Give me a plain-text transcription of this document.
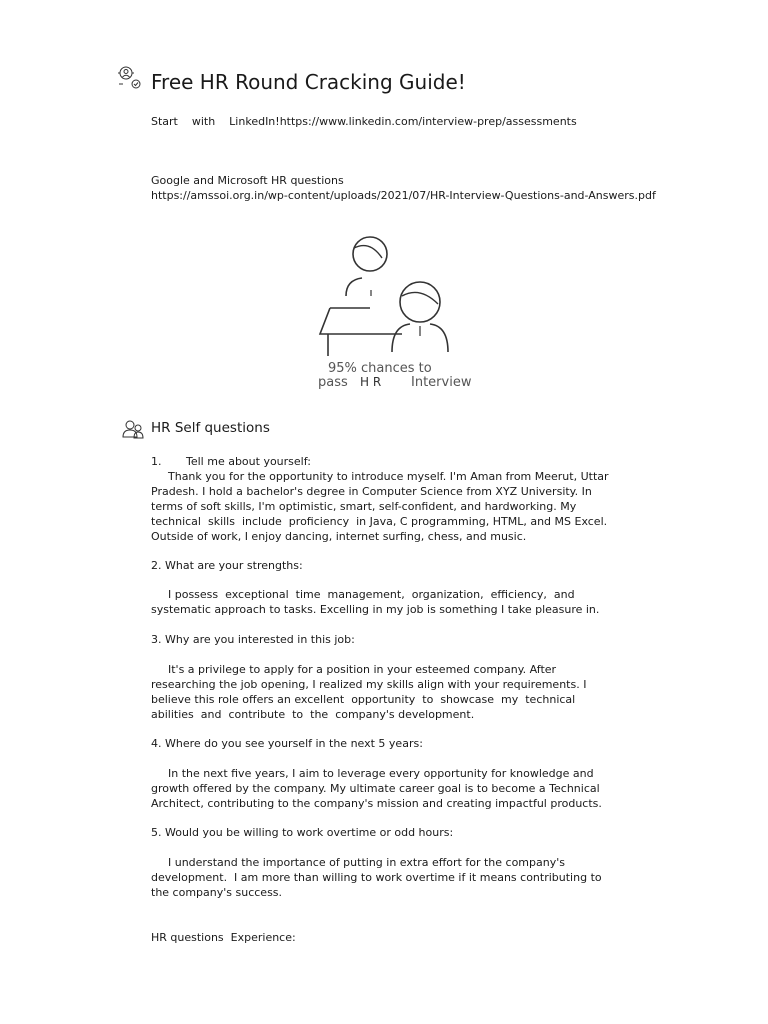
Free HR Round Cracking Guide!
Start    with    LinkedIn!https://www.linkedin.com/interview-prep/assessments
Google and Microsoft HR questions
https://amssoi.org.in/wp-content/uploads/2021/07/HR-Interview-Questions-and-Answers.pdf
95% chances to
pass H R Interview
HR Self questions
1. Tell me about yourself:
Thank you for the opportunity to introduce myself. I'm Aman from Meerut, Uttar
Pradesh. I hold a bachelor's degree in Computer Science from XYZ University. In
terms of soft skills, I'm optimistic, smart, self-confident, and hardworking. My
technical  skills  include  proficiency  in Java, C programming, HTML, and MS Excel.
Outside of work, I enjoy dancing, internet surfing, chess, and music.
2. What are your strengths:
I possess  exceptional  time  management,  organization,  efficiency,  and
systematic approach to tasks. Excelling in my job is something I take pleasure in.
3. Why are you interested in this job:
It's a privilege to apply for a position in your esteemed company. After
researching the job opening, I realized my skills align with your requirements. I
believe this role offers an excellent  opportunity  to  showcase  my  technical
abilities  and  contribute  to  the  company's development.
4. Where do you see yourself in the next 5 years:
In the next five years, I aim to leverage every opportunity for knowledge and
growth offered by the company. My ultimate career goal is to become a Technical
Architect, contributing to the company's mission and creating impactful products.
5. Would you be willing to work overtime or odd hours:
I understand the importance of putting in extra effort for the company's
development.  I am more than willing to work overtime if it means contributing to
the company's success.
HR questions  Experience:
